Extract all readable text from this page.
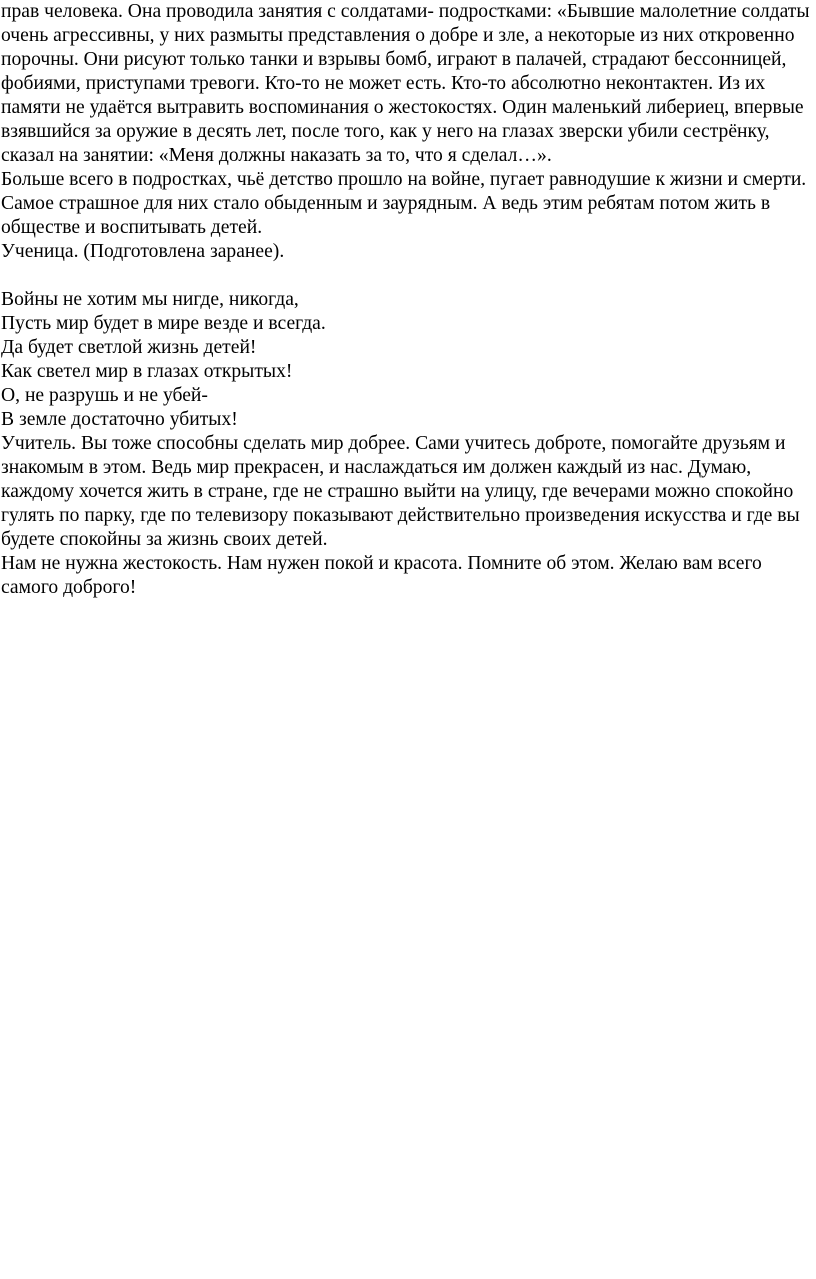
прав человека. Она проводила занятия с солдатами- подростками: «Бывшие малолетние солдаты очень агрессивны, у них размыты представления о добре и зле, а некоторые из них откровенно порочны. Они рисуют только танки и взрывы бомб, играют в палачей, страдают бессонницей, фобиями, приступами тревоги. Кто-то не может есть. Кто-то абсолютно неконтактен. Из их памяти не удаётся вытравить воспоминания о жестокостях. Один маленький либериец, впервые взявшийся за оружие в десять лет, после того, как у него на глазах зверски убили сестрёнку, сказал на занятии: «Меня должны наказать за то, что я сделал…».

Больше всего в подростках, чьё детство прошло на войне, пугает равнодушие к жизни и смерти. Самое страшное для них стало обыденным и заурядным. А ведь этим ребятам потом жить в обществе и воспитывать детей.

Ученица. (Подготовлена заранее).

Войны не хотим мы нигде, никогда,

Пусть мир будет в мире везде и всегда.

Да будет светлой жизнь детей!

Как светел мир в глазах открытых!

О, не разрушь и не убей-

В земле достаточно убитых!

Учитель. Вы тоже способны сделать мир добрее. Сами учитесь доброте, помогайте друзьям и знакомым в этом. Ведь мир прекрасен, и наслаждаться им должен каждый из нас. Думаю, каждому хочется жить в стране, где не страшно выйти на улицу, где вечерами можно спокойно гулять по парку, где по телевизору показывают действительно произведения искусства и где вы будете спокойны за жизнь своих детей.

Нам не нужна жестокость. Нам нужен покой и красота. Помните об этом. Желаю вам всего самого доброго!
